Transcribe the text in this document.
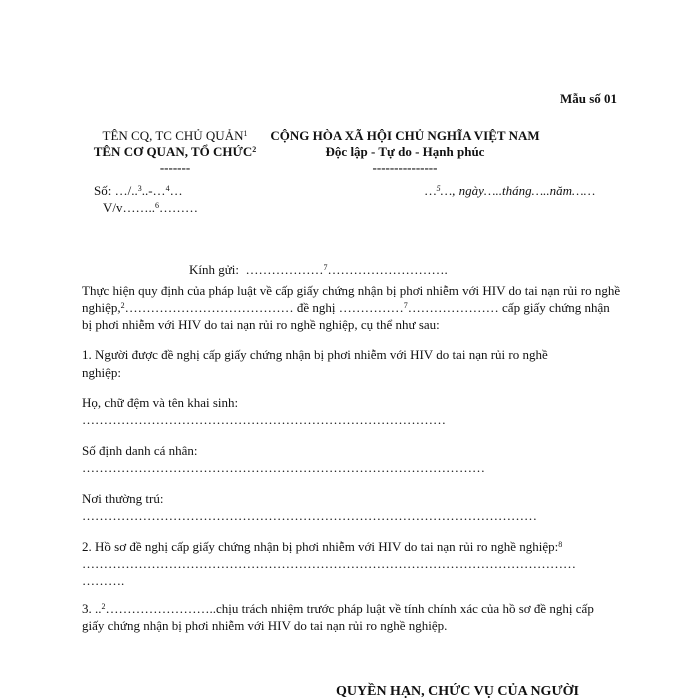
Mẫu số 01
TÊN CQ, TC CHỦ QUẢN$^1$
TÊN CƠ QUAN, TỔ CHỨC$^2$
-------
Số: …/..$^3$..-…$^4$…
V/v……..$^6$………
CỘNG HÒA XÃ HỘI CHỦ NGHĨA VIỆT NAM
Độc lập - Tự do - Hạnh phúc
---------------
…$^5$…, ngày…..tháng…..năm……
Kính gửi: ………………$^7$……………………….
Thực hiện quy định của pháp luật về cấp giấy chứng nhận bị phơi nhiễm với HIV do tai nạn rủi ro nghề nghiệp,$^2$………………………………… đề nghị ……………$^7$………………… cấp giấy chứng nhận bị phơi nhiễm với HIV do tai nạn rủi ro nghề nghiệp, cụ thể như sau:
1. Người được đề nghị cấp giấy chứng nhận bị phơi nhiễm với HIV do tai nạn rủi ro nghề nghiệp:
Họ, chữ đệm và tên khai sinh:
…………………………………………………………………………
Số định danh cá nhân:
…………………………………………………………………………………
Nơi thường trú:
……………………………………………………………………………………………
2. Hồ sơ đề nghị cấp giấy chứng nhận bị phơi nhiễm với HIV do tai nạn rủi ro nghề nghiệp:$^8$
……………………………………………………………………………………………………
……….
3. ..$^2$……………………..chịu trách nhiệm trước pháp luật về tính chính xác của hồ sơ đề nghị cấp giấy chứng nhận bị phơi nhiễm với HIV do tai nạn rủi ro nghề nghiệp.
QUYỀN HẠN, CHỨC VỤ CỦA NGƯỜI
